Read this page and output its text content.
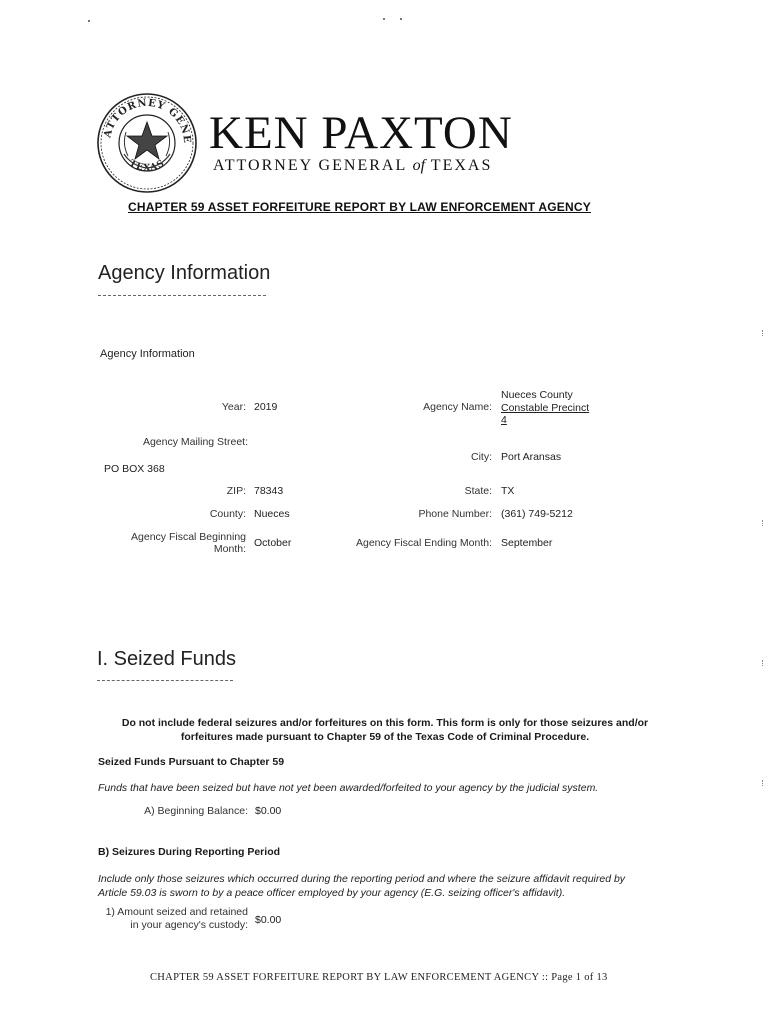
ATTORNEY GENE
TEXAS
KEN PAXTON
ATTORNEY GENERAL of TEXAS
CHAPTER 59 ASSET FORFEITURE REPORT BY LAW ENFORCEMENT AGENCY
Agency Information
Agency Information
Year: 2019	Agency Name:
Nueces County
Constable Precinct
4
Agency Mailing Street:
PO BOX 368
City: Port Aransas
ZIP: 78343	State: TX
County: Nueces	Phone Number: (361) 749-5212
Agency Fiscal Beginning
Month: October	Agency Fiscal Ending Month: September
I. Seized Funds
Do not include federal seizures and/or forfeitures on this form. This form is only for those seizures and/or
forfeitures made pursuant to Chapter 59 of the Texas Code of Criminal Procedure.
Seized Funds Pursuant to Chapter 59
Funds that have been seized but have not yet been awarded/forfeited to your agency by the judicial system.
A) Beginning Balance: $0.00
B) Seizures During Reporting Period
Include only those seizures which occurred during the reporting period and where the seizure affidavit required by
Article 59.03 is sworn to by a peace officer employed by your agency (E.G. seizing officer's affidavit).
1) Amount seized and retained
in your agency's custody: $0.00
CHAPTER 59 ASSET FORFEITURE REPORT BY LAW ENFORCEMENT AGENCY :: Page 1 of 13
